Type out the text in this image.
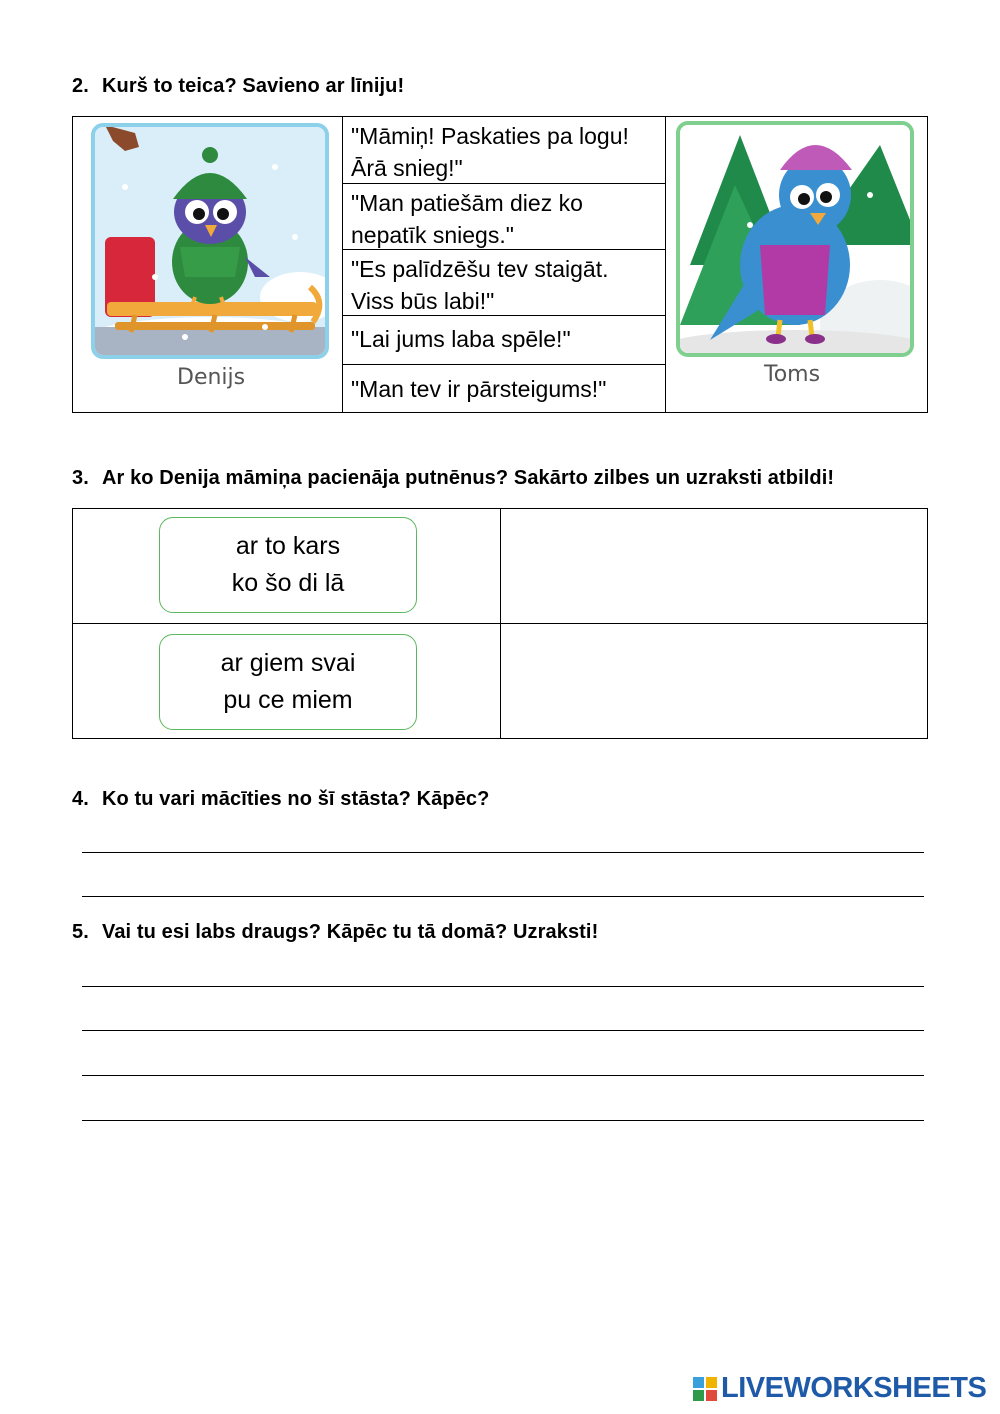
2. Kurš to teica? Savieno ar līniju!
Denijs
"Māmiņ! Paskaties pa logu!
Ārā snieg!"
"Man patiešām diez ko
nepatīk sniegs."
"Es palīdzēšu tev staigāt.
Viss būs labi!"
"Lai jums laba spēle!"
"Man tev ir pārsteigums!"
Toms
3. Ar ko Denija māmiņa pacienāja putnēnus? Sakārto zilbes un uzraksti atbildi!
ar to kars
ko šo di lā
ar giem svai
pu ce miem
4. Ko tu vari mācīties no šī stāsta? Kāpēc?
5. Vai tu esi labs draugs? Kāpēc tu tā domā? Uzraksti!
LIVEWORKSHEETS
